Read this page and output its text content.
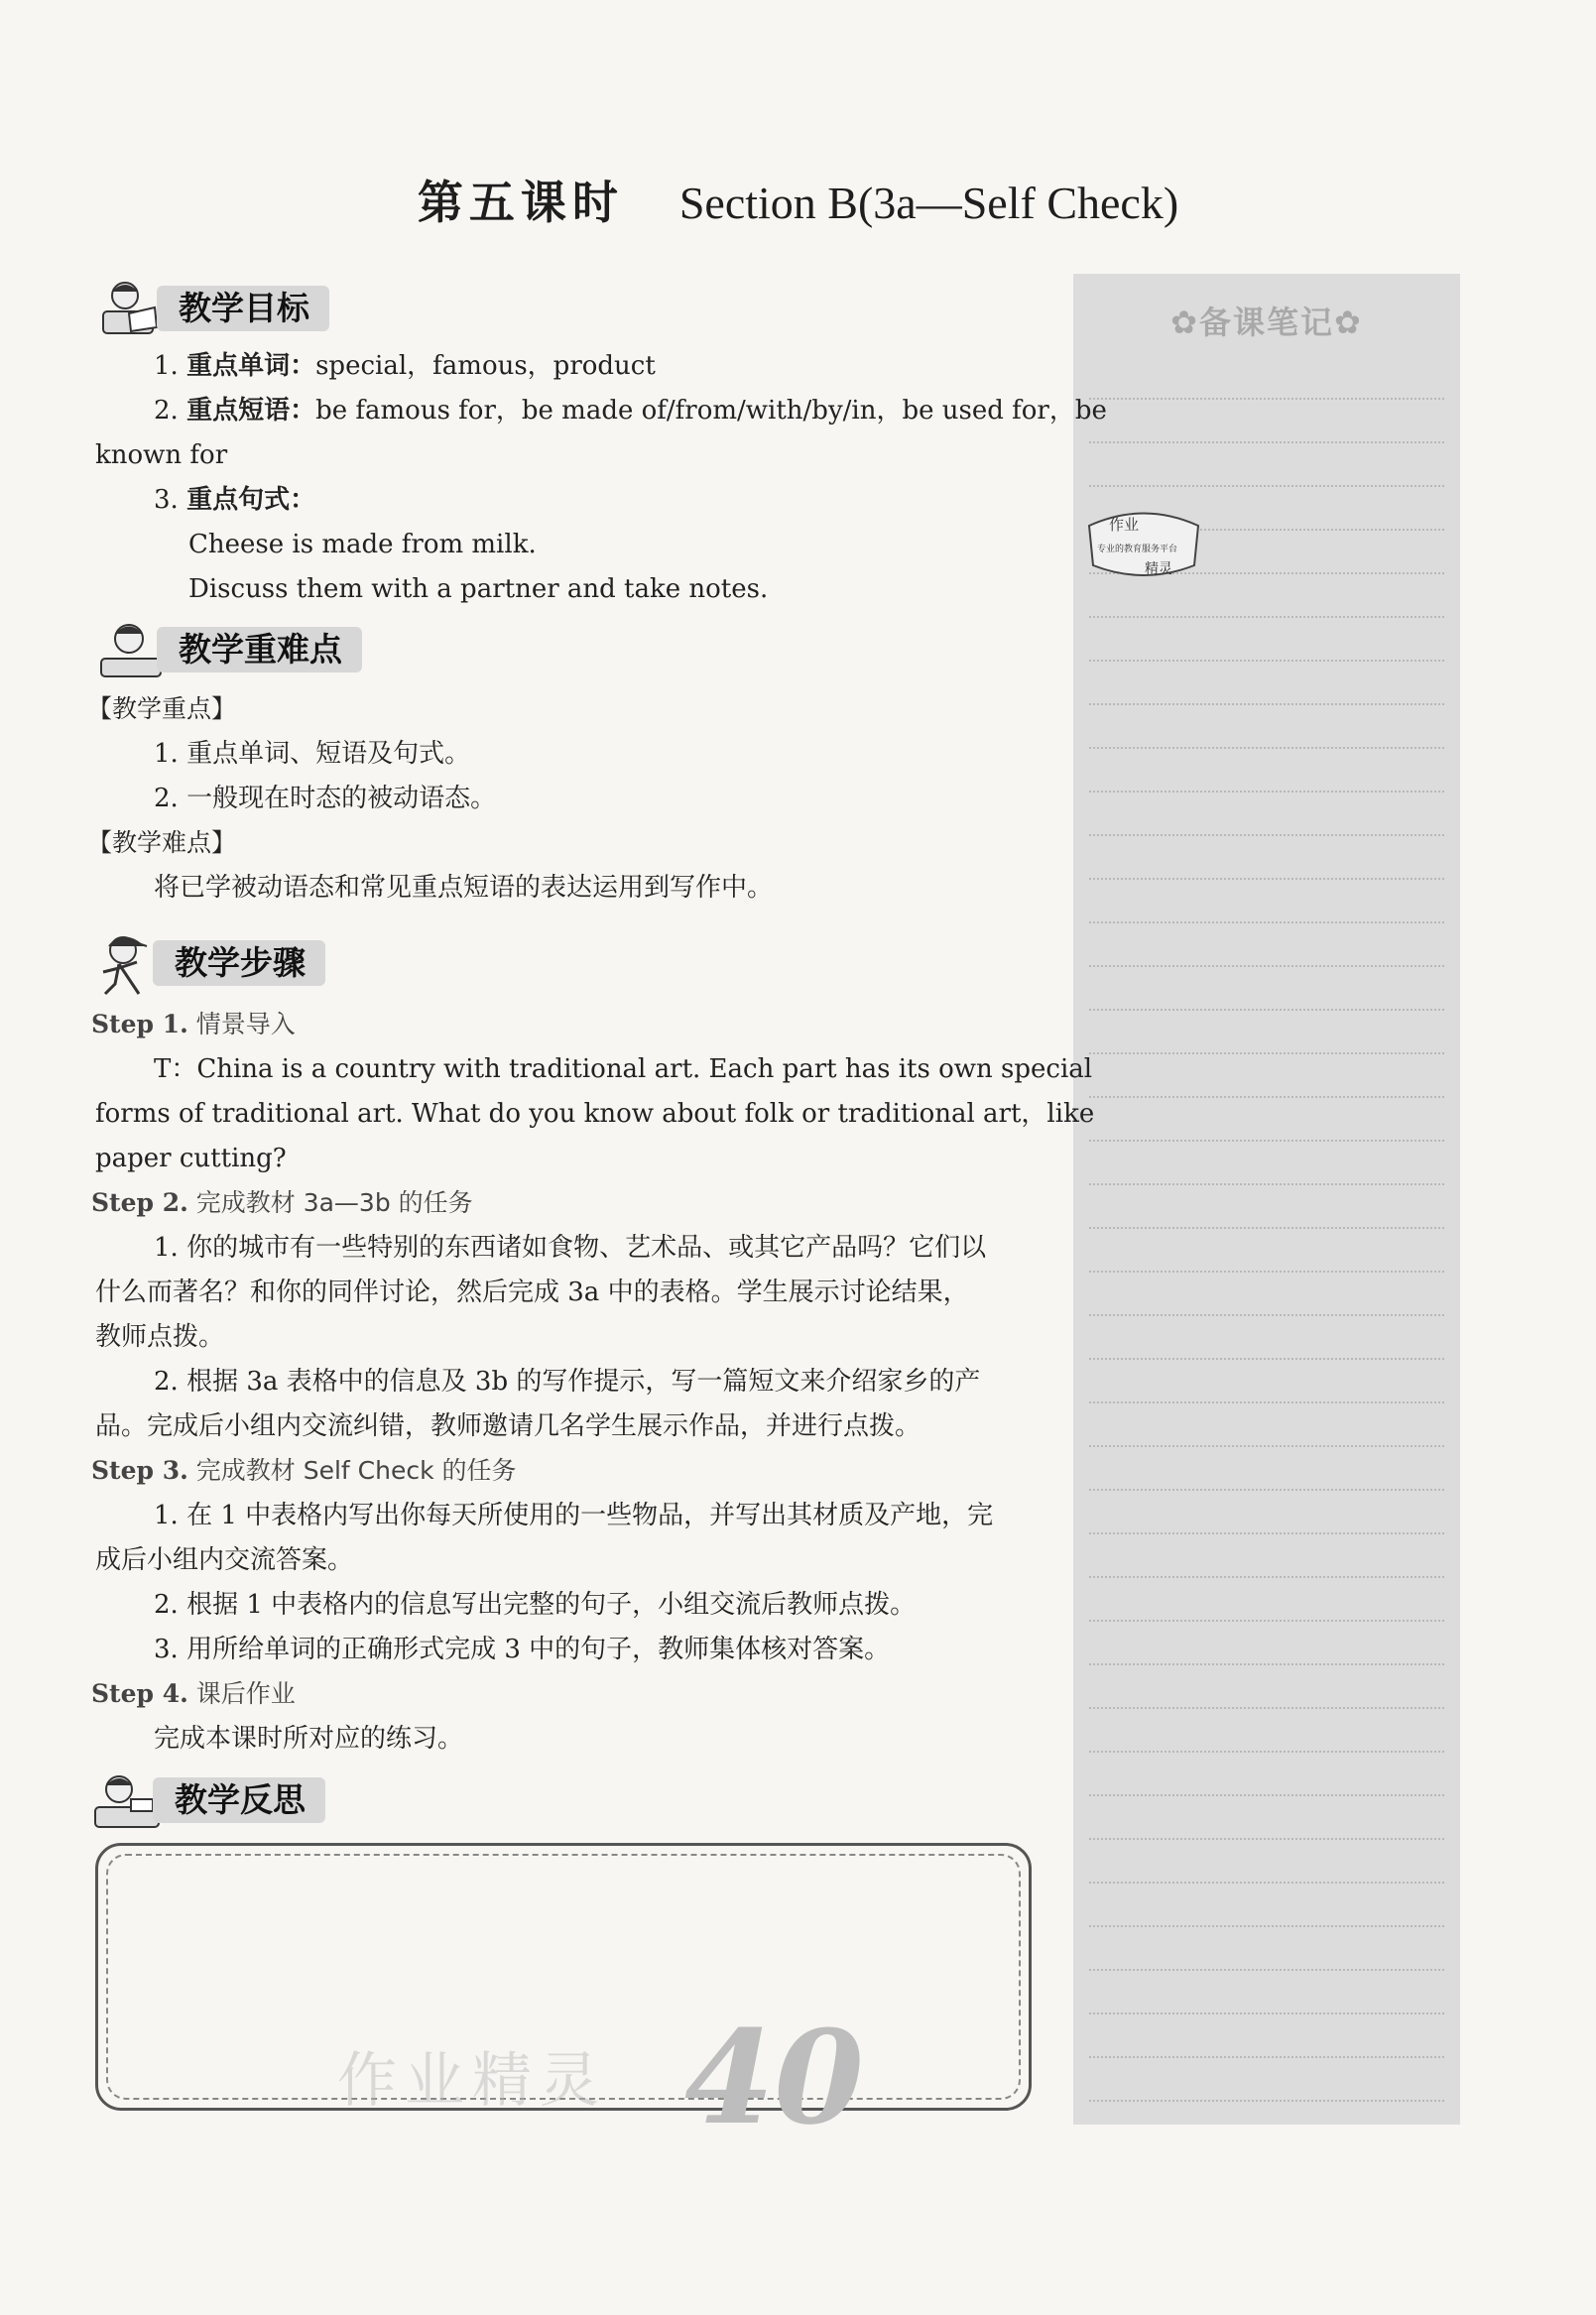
第五课时 Section B(3a—Self Check)
✿备课笔记✿
作业
专业的教育服务平台
精灵
教学目标
1. 重点单词：special，famous，product
2. 重点短语：be famous for，be made of/from/with/by/in，be used for，be
known for
3. 重点句式：
Cheese is made from milk.
Discuss them with a partner and take notes.
教学重难点
【教学重点】
1. 重点单词、短语及句式。
2. 一般现在时态的被动语态。
【教学难点】
将已学被动语态和常见重点短语的表达运用到写作中。
教学步骤
Step 1. 情景导入
T：China is a country with traditional art. Each part has its own special
forms of traditional art. What do you know about folk or traditional art，like
paper cutting?
Step 2. 完成教材 3a—3b 的任务
1. 你的城市有一些特别的东西诸如食物、艺术品、或其它产品吗？它们以
什么而著名？和你的同伴讨论，然后完成 3a 中的表格。学生展示讨论结果，
教师点拨。
2. 根据 3a 表格中的信息及 3b 的写作提示，写一篇短文来介绍家乡的产
品。完成后小组内交流纠错，教师邀请几名学生展示作品，并进行点拨。
Step 3. 完成教材 Self Check 的任务
1. 在 1 中表格内写出你每天所使用的一些物品，并写出其材质及产地，完
成后小组内交流答案。
2. 根据 1 中表格内的信息写出完整的句子，小组交流后教师点拨。
3. 用所给单词的正确形式完成 3 中的句子，教师集体核对答案。
Step 4. 课后作业
完成本课时所对应的练习。
教学反思
作业精灵 40
